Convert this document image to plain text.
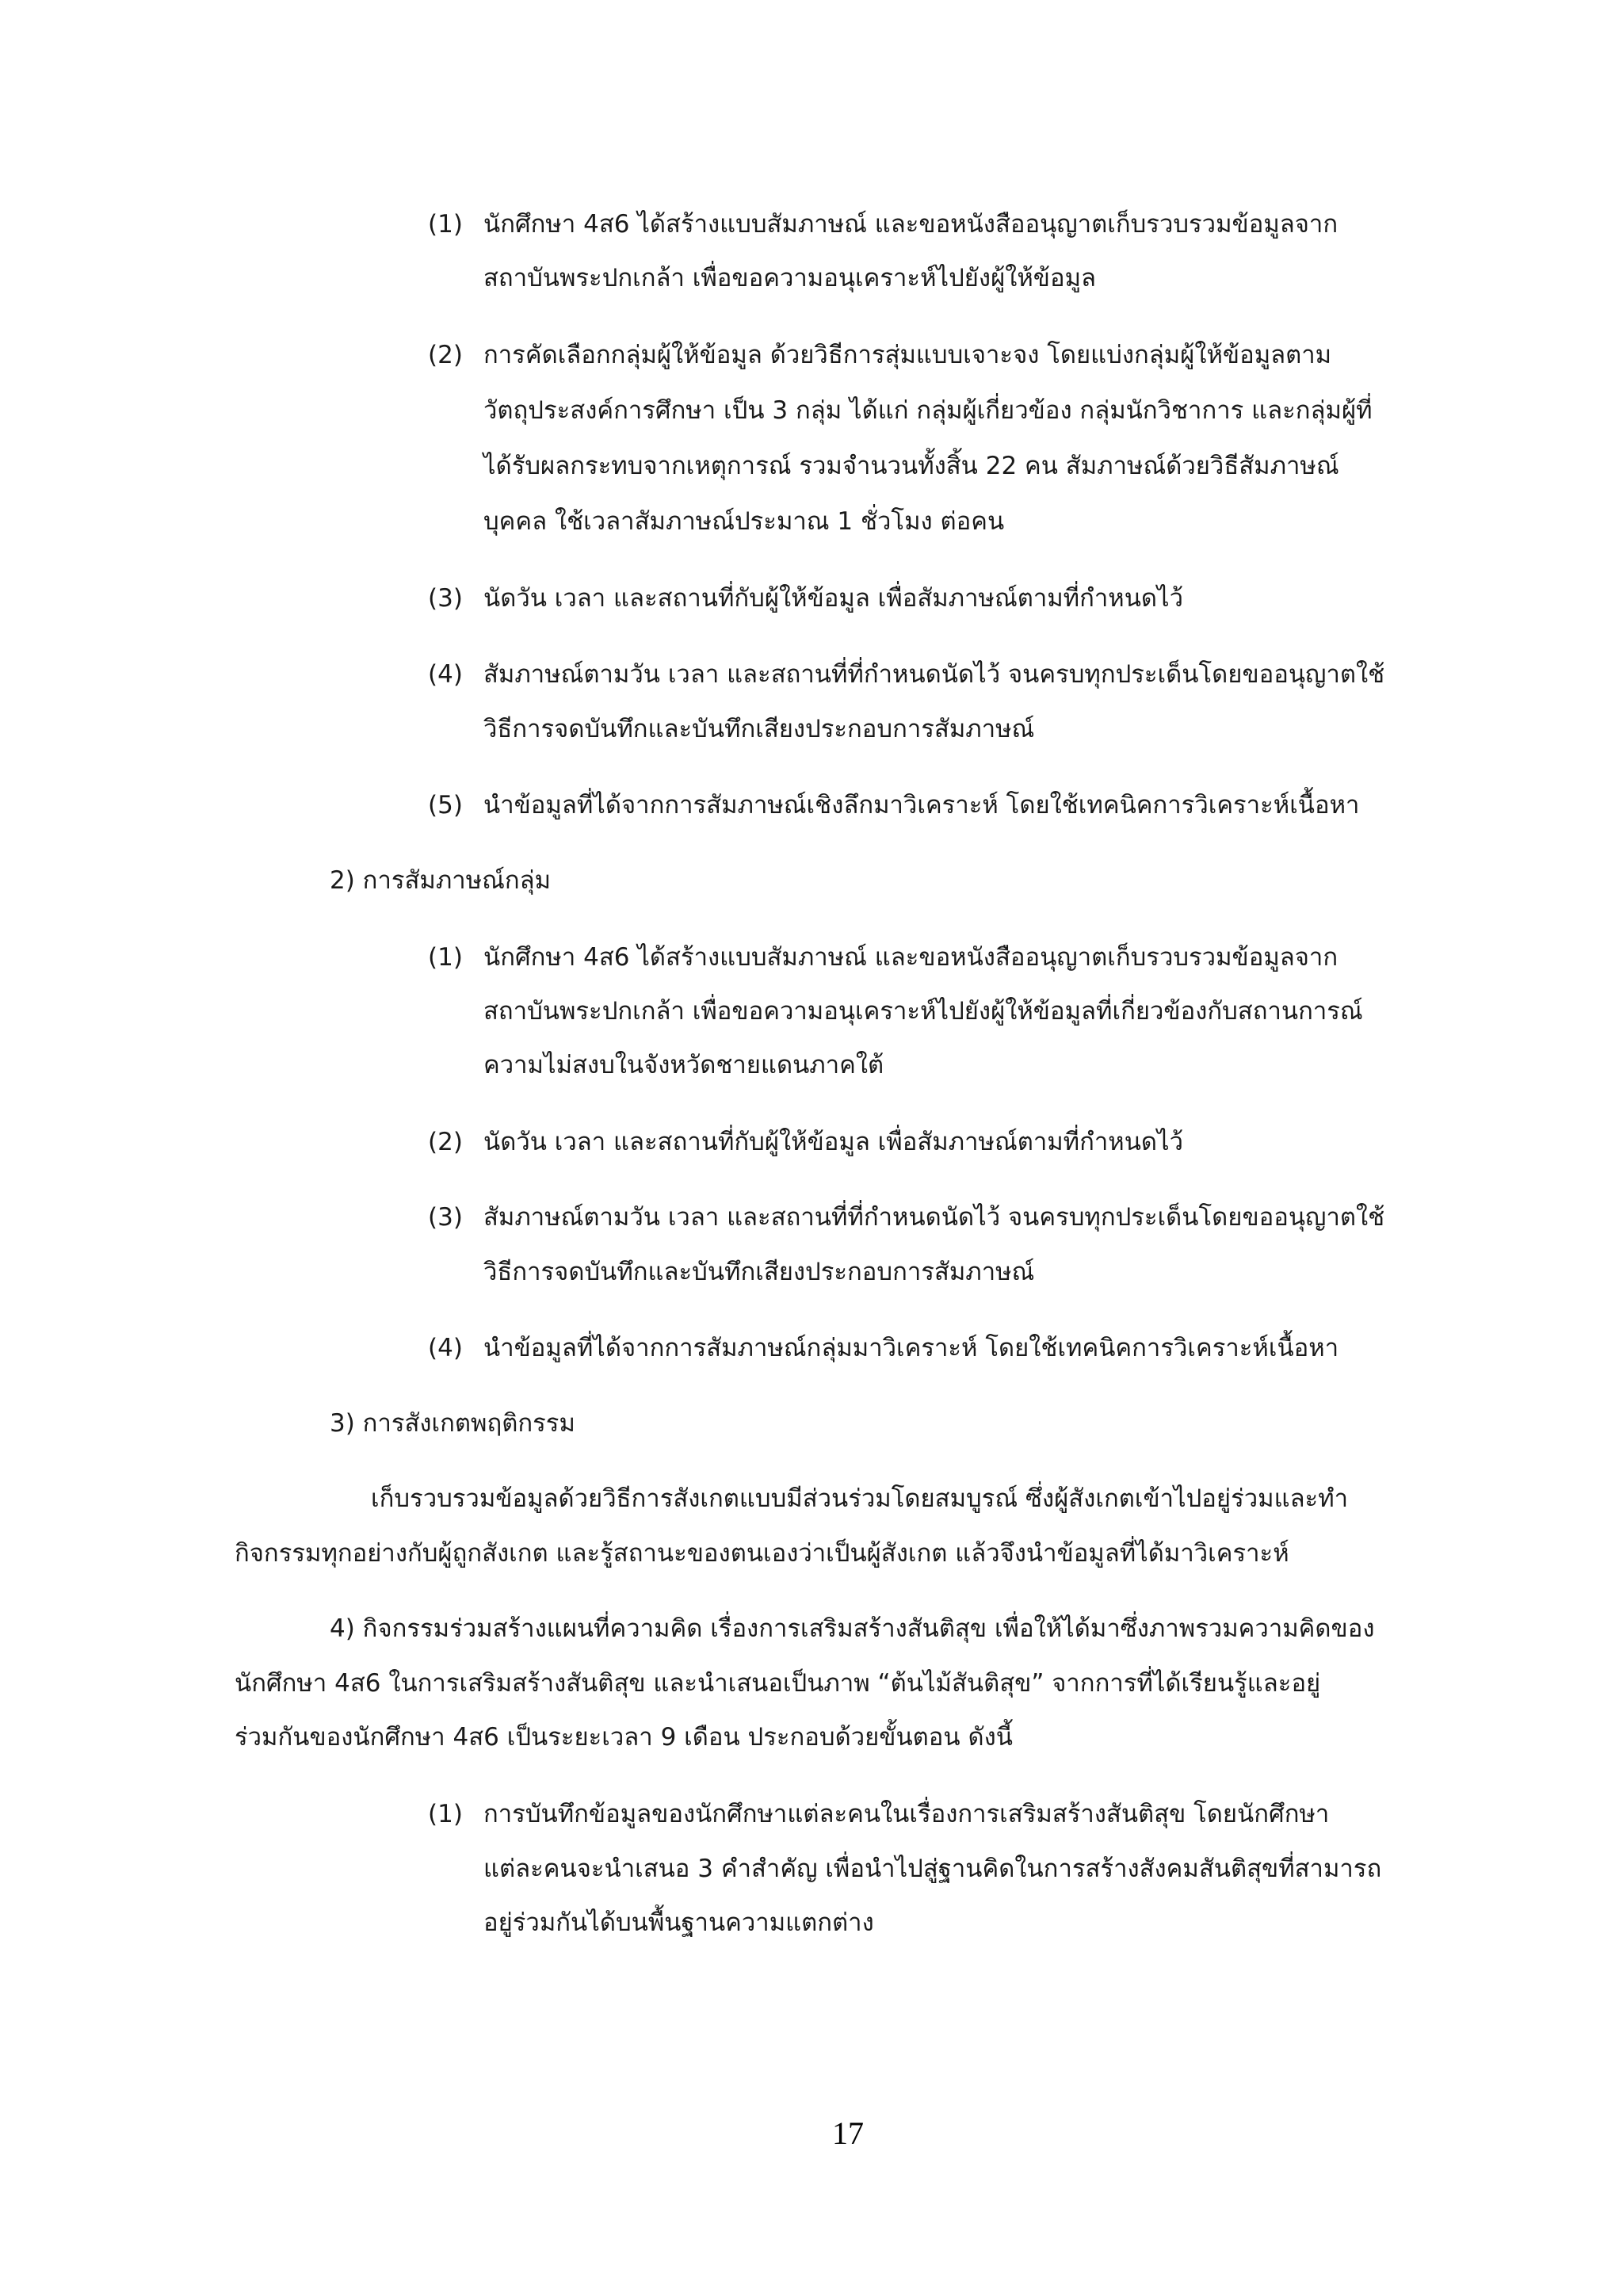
(1) นักศึกษา 4ส6 ได้สร้างแบบสัมภาษณ์ และขอหนังสืออนุญาตเก็บรวบรวมข้อมูลจาก
สถาบันพระปกเกล้า เพื่อขอความอนุเคราะห์ไปยังผู้ให้ข้อมูล
(2) การคัดเลือกกลุ่มผู้ให้ข้อมูล ด้วยวิธีการสุ่มแบบเจาะจง โดยแบ่งกลุ่มผู้ให้ข้อมูลตาม
วัตถุประสงค์การศึกษา เป็น 3 กลุ่ม ได้แก่ กลุ่มผู้เกี่ยวข้อง กลุ่มนักวิชาการ และกลุ่มผู้ที่
ได้รับผลกระทบจากเหตุการณ์ รวมจำนวนทั้งสิ้น 22 คน สัมภาษณ์ด้วยวิธีสัมภาษณ์
บุคคล ใช้เวลาสัมภาษณ์ประมาณ 1 ชั่วโมง ต่อคน
(3) นัดวัน เวลา และสถานที่กับผู้ให้ข้อมูล เพื่อสัมภาษณ์ตามที่กำหนดไว้
(4) สัมภาษณ์ตามวัน เวลา และสถานที่ที่กำหนดนัดไว้ จนครบทุกประเด็นโดยขออนุญาตใช้
วิธีการจดบันทึกและบันทึกเสียงประกอบการสัมภาษณ์
(5) นำข้อมูลที่ได้จากการสัมภาษณ์เชิงลึกมาวิเคราะห์ โดยใช้เทคนิคการวิเคราะห์เนื้อหา
2) การสัมภาษณ์กลุ่ม
(1) นักศึกษา 4ส6 ได้สร้างแบบสัมภาษณ์ และขอหนังสืออนุญาตเก็บรวบรวมข้อมูลจาก
สถาบันพระปกเกล้า เพื่อขอความอนุเคราะห์ไปยังผู้ให้ข้อมูลที่เกี่ยวข้องกับสถานการณ์
ความไม่สงบในจังหวัดชายแดนภาคใต้
(2) นัดวัน เวลา และสถานที่กับผู้ให้ข้อมูล เพื่อสัมภาษณ์ตามที่กำหนดไว้
(3) สัมภาษณ์ตามวัน เวลา และสถานที่ที่กำหนดนัดไว้ จนครบทุกประเด็นโดยขออนุญาตใช้
วิธีการจดบันทึกและบันทึกเสียงประกอบการสัมภาษณ์
(4) นำข้อมูลที่ได้จากการสัมภาษณ์กลุ่มมาวิเคราะห์ โดยใช้เทคนิคการวิเคราะห์เนื้อหา
3) การสังเกตพฤติกรรม
เก็บรวบรวมข้อมูลด้วยวิธีการสังเกตแบบมีส่วนร่วมโดยสมบูรณ์ ซึ่งผู้สังเกตเข้าไปอยู่ร่วมและทำ
กิจกรรมทุกอย่างกับผู้ถูกสังเกต และรู้สถานะของตนเองว่าเป็นผู้สังเกต แล้วจึงนำข้อมูลที่ได้มาวิเคราะห์
4) กิจกรรมร่วมสร้างแผนที่ความคิด เรื่องการเสริมสร้างสันติสุข เพื่อให้ได้มาซึ่งภาพรวมความคิดของ
นักศึกษา 4ส6 ในการเสริมสร้างสันติสุข และนำเสนอเป็นภาพ “ต้นไม้สันติสุข” จากการที่ได้เรียนรู้และอยู่
ร่วมกันของนักศึกษา 4ส6 เป็นระยะเวลา 9 เดือน ประกอบด้วยขั้นตอน ดังนี้
(1) การบันทึกข้อมูลของนักศึกษาแต่ละคนในเรื่องการเสริมสร้างสันติสุข โดยนักศึกษา
แต่ละคนจะนำเสนอ 3 คำสำคัญ เพื่อนำไปสู่ฐานคิดในการสร้างสังคมสันติสุขที่สามารถ
อยู่ร่วมกันได้บนพื้นฐานความแตกต่าง
17
